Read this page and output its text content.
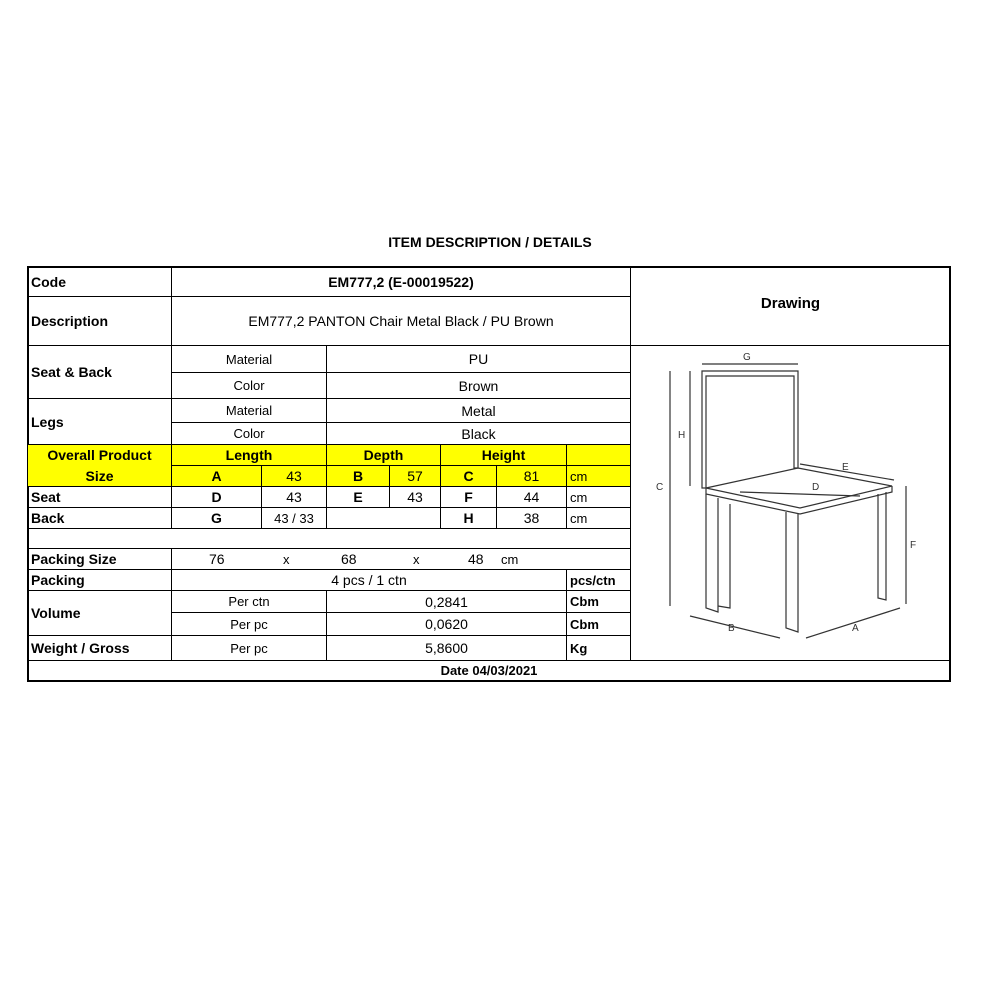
ITEM DESCRIPTION / DETAILS
Code	EM777,2 (E-00019522)
Description	EM777,2 PANTON Chair Metal Black / PU Brown
Drawing
Seat & Back
Material	PU
Color	Brown
Legs
Material	Metal
Color	Black
Overall Product
Size
Length	Depth	Height
A	43	B	57	C	81	cm
Seat	D	43	E	43	F	44	cm
Back	G	43 / 33	H	38	cm
Packing Size	76	x	68	x	48 cm
Packing	4 pcs / 1 ctn	pcs/ctn
Volume
Per ctn	0,2841	Cbm
Per pc	0,0620	Cbm
Weight / Gross	Per pc	5,8600	Kg
Date 04/03/2021
G
H
C
E
D
F
B	A
